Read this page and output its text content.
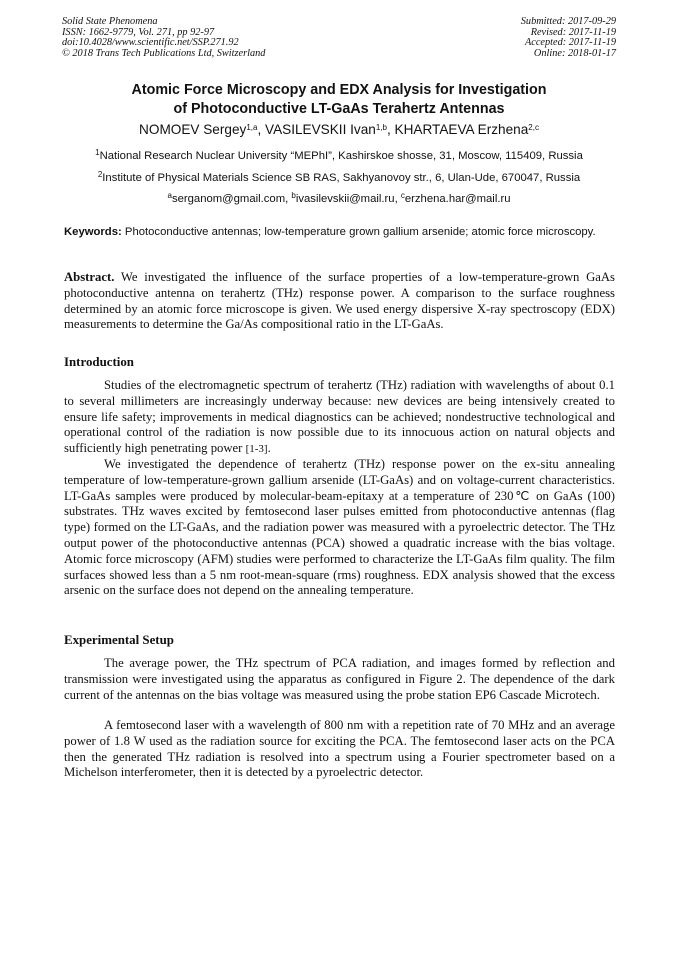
Solid State Phenomena
ISSN: 1662-9779, Vol. 271, pp 92-97
doi:10.4028/www.scientific.net/SSP.271.92
© 2018 Trans Tech Publications Ltd, Switzerland
Submitted: 2017-09-29
Revised: 2017-11-19
Accepted: 2017-11-19
Online: 2018-01-17
Atomic Force Microscopy and EDX Analysis for Investigation
of Photoconductive LT-GaAs Terahertz Antennas
NOMOEV Sergey$^{1,a}$, VASILEVSKII Ivan$^{1,b}$, KHARTAEVA Erzhena$^{2,c}$
$^1$National Research Nuclear University “MEPhI”, Kashirskoe shosse, 31, Moscow, 115409, Russia
$^2$Institute of Physical Materials Science SB RAS, Sakhyanovoy str., 6, Ulan-Ude, 670047, Russia
$^a$serganom@gmail.com, $^b$ivasilevskii@mail.ru, $^c$erzhena.har@mail.ru
Keywords: Photoconductive antennas; low-temperature grown gallium arsenide; atomic force microscopy.
Abstract. We investigated the influence of the surface properties of a low-temperature-grown GaAs photoconductive antenna on terahertz (THz) response power. A comparison to the surface roughness determined by an atomic force microscope is given. We used energy dispersive X-ray spectroscopy (EDX) measurements to determine the Ga/As compositional ratio in the LT-GaAs.
Introduction
Studies of the electromagnetic spectrum of terahertz (THz) radiation with wavelengths of about 0.1 to several millimeters are increasingly underway because: new devices are being intensively created to ensure life safety; improvements in medical diagnostics can be achieved; nondestructive technological and operational control of the radiation is now possible due to its innocuous action on natural objects and sufficiently high penetrating power [1-3].
We investigated the dependence of terahertz (THz) response power on the ex-situ annealing temperature of low-temperature-grown gallium arsenide (LT-GaAs) and on voltage-current characteristics. LT-GaAs samples were produced by molecular-beam-epitaxy at a temperature of 230℃ on GaAs (100) substrates. THz waves excited by femtosecond laser pulses emitted from photoconductive antennas (flag type) formed on the LT-GaAs, and the radiation power was measured with a pyroelectric detector. The THz output power of the photoconductive antennas (PCA) showed a quadratic increase with the bias voltage. Atomic force microscopy (AFM) studies were performed to characterize the LT-GaAs film quality. The film surfaces showed less than a 5 nm root-mean-square (rms) roughness. EDX analysis showed that the excess arsenic on the surface does not depend on the annealing temperature.
Experimental Setup
The average power, the THz spectrum of PCA radiation, and images formed by reflection and transmission were investigated using the apparatus as configured in Figure 2. The dependence of the dark current of the antennas on the bias voltage was measured using the probe station EP6 Cascade Microtech.
A femtosecond laser with a wavelength of 800 nm with a repetition rate of 70 MHz and an average power of 1.8 W used as the radiation source for exciting the PCA. The femtosecond laser acts on the PCA then the generated THz radiation is resolved into a spectrum using a Fourier spectrometer based on a Michelson interferometer, then it is detected by a pyroelectric detector.
